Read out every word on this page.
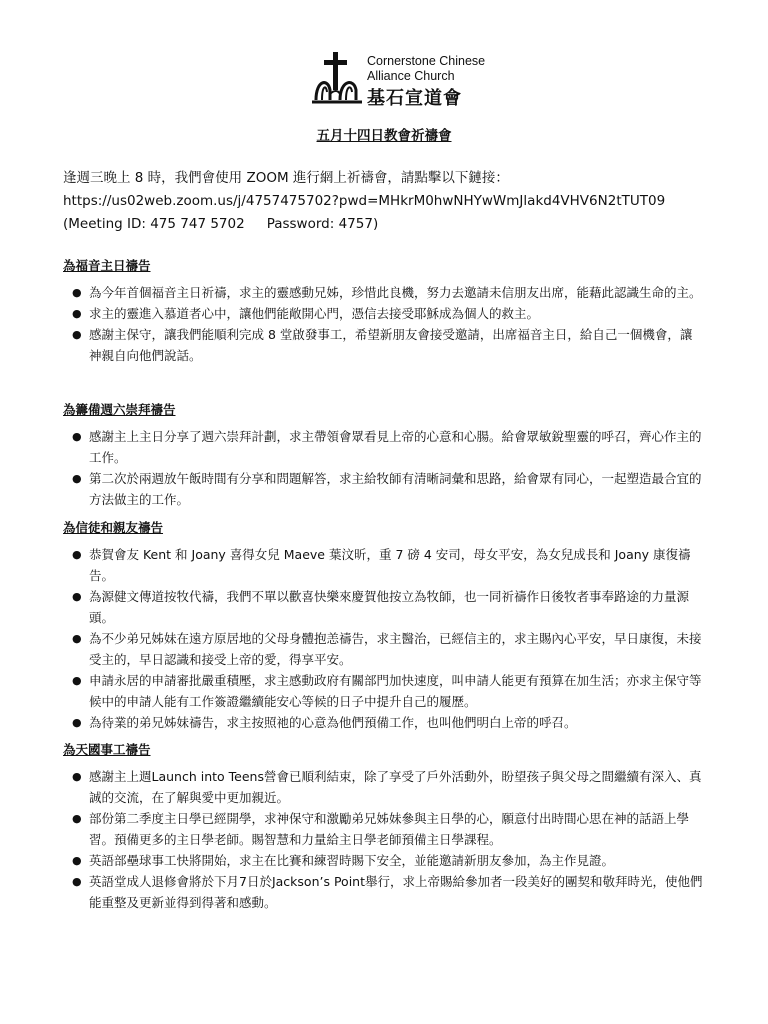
Cornerstone Chinese
Alliance Church
基石宣道會
五月十四日教會祈禱會
逢週三晚上 8 時，我們會使用 ZOOM 進行網上祈禱會，請點擊以下鏈接：
https://us02web.zoom.us/j/4757475702?pwd=MHkrM0hwNHYwWmJlakd4VHV6N2tTUT09
(Meeting ID: 475 747 5702 Password: 4757)
為福音主日禱告
● 為今年首個福音主日祈禱，求主的靈感動兄姊，珍惜此良機，努力去邀請未信朋友出席，能藉此認識生命的主。
● 求主的靈進入慕道者心中，讓他們能敞開心門，憑信去接受耶穌成為個人的救主。
● 感謝主保守，讓我們能順利完成 8 堂啟發事工，希望新朋友會接受邀請，出席福音主日，給自己一個機會，讓神親自向他們說話。
為籌備週六崇拜禱告
● 感謝主上主日分享了週六崇拜計劃，求主帶領會眾看見上帝的心意和心腸。給會眾敏銳聖靈的呼召，齊心作主的工作。
● 第二次於兩週放午飯時間有分享和問題解答，求主給牧師有清晰詞彙和思路，給會眾有同心，一起塑造最合宜的方法做主的工作。
為信徒和親友禱告
● 恭賀會友 Kent 和 Joany 喜得女兒 Maeve 葉汶昕，重 7 磅 4 安司，母女平安，為女兒成長和 Joany 康復禱告。
● 為源健文傳道按牧代禱，我們不單以歡喜快樂來慶賀他按立為牧師，也一同祈禱作日後牧者事奉路途的力量源頭。
● 為不少弟兄姊妹在遠方原居地的父母身體抱恙禱告，求主醫治，已經信主的，求主賜內心平安，早日康復，未接受主的，早日認識和接受上帝的愛，得享平安。
● 申請永居的申請審批嚴重積壓，求主感動政府有關部門加快速度，叫申請人能更有預算在加生活；亦求主保守等候中的申請人能有工作簽證繼續能安心等候的日子中提升自己的履歷。
● 為待業的弟兄姊妹禱告，求主按照祂的心意為他們預備工作，也叫他們明白上帝的呼召。
為天國事工禱告
● 感謝主上週Launch into Teens營會已順利結束，除了享受了戶外活動外，盼望孩子與父母之間繼續有深入、真誠的交流，在了解與愛中更加親近。
● 部份第二季度主日學已經開學，求神保守和激勵弟兄姊妹參與主日學的心，願意付出時間心思在神的話語上學習。預備更多的主日學老師。賜智慧和力量給主日學老師預備主日學課程。
● 英語部壘球事工快將開始，求主在比賽和練習時賜下安全，並能邀請新朋友參加，為主作見證。
● 英語堂成人退修會將於下月7日於Jackson’s Point舉行，求上帝賜給參加者一段美好的團契和敬拜時光，使他們能重整及更新並得到得著和感動。
